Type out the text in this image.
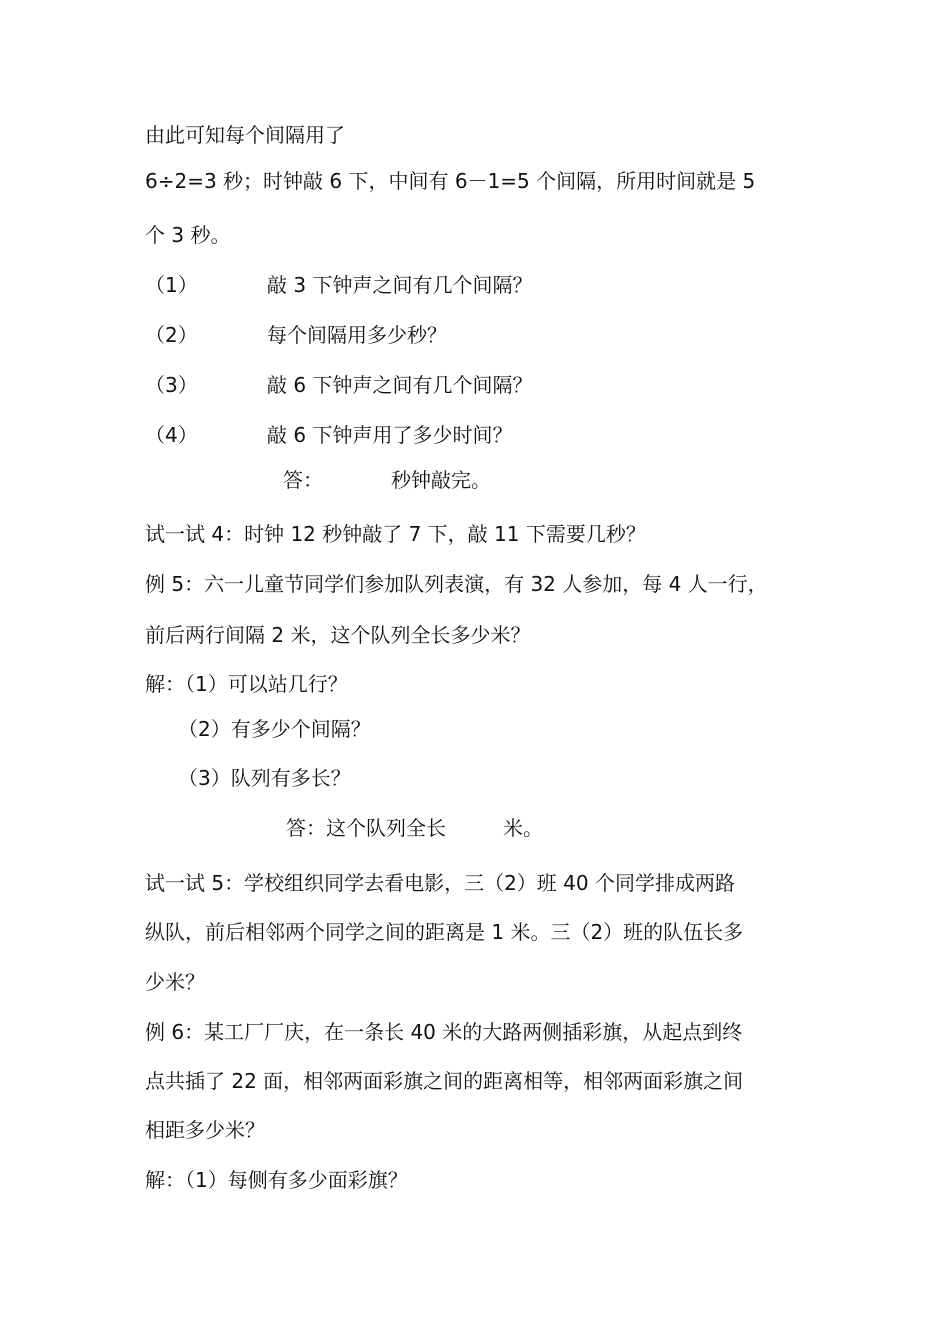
由此可知每个间隔用了
6÷2=3 秒；时钟敲 6 下，中间有 6－1=5 个间隔，所用时间就是 5
个 3 秒。
（1）	敲 3 下钟声之间有几个间隔？
（2）	每个间隔用多少秒？
（3）	敲 6 下钟声之间有几个间隔？
（4）	敲 6 下钟声用了多少时间？
答：	秒钟敲完。
试一试 4：时钟 12 秒钟敲了 7 下，敲 11 下需要几秒？
例 5：六一儿童节同学们参加队列表演，有 32 人参加，每 4 人一行，
前后两行间隔 2 米，这个队列全长多少米？
解：（1）可以站几行？
（2）有多少个间隔？
（3）队列有多长？
答：这个队列全长	米。
试一试 5：学校组织同学去看电影，三（2）班 40 个同学排成两路
纵队，前后相邻两个同学之间的距离是 1 米。三（2）班的队伍长多
少米？
例 6：某工厂厂庆，在一条长 40 米的大路两侧插彩旗，从起点到终
点共插了 22 面，相邻两面彩旗之间的距离相等，相邻两面彩旗之间
相距多少米？
解：（1）每侧有多少面彩旗？
